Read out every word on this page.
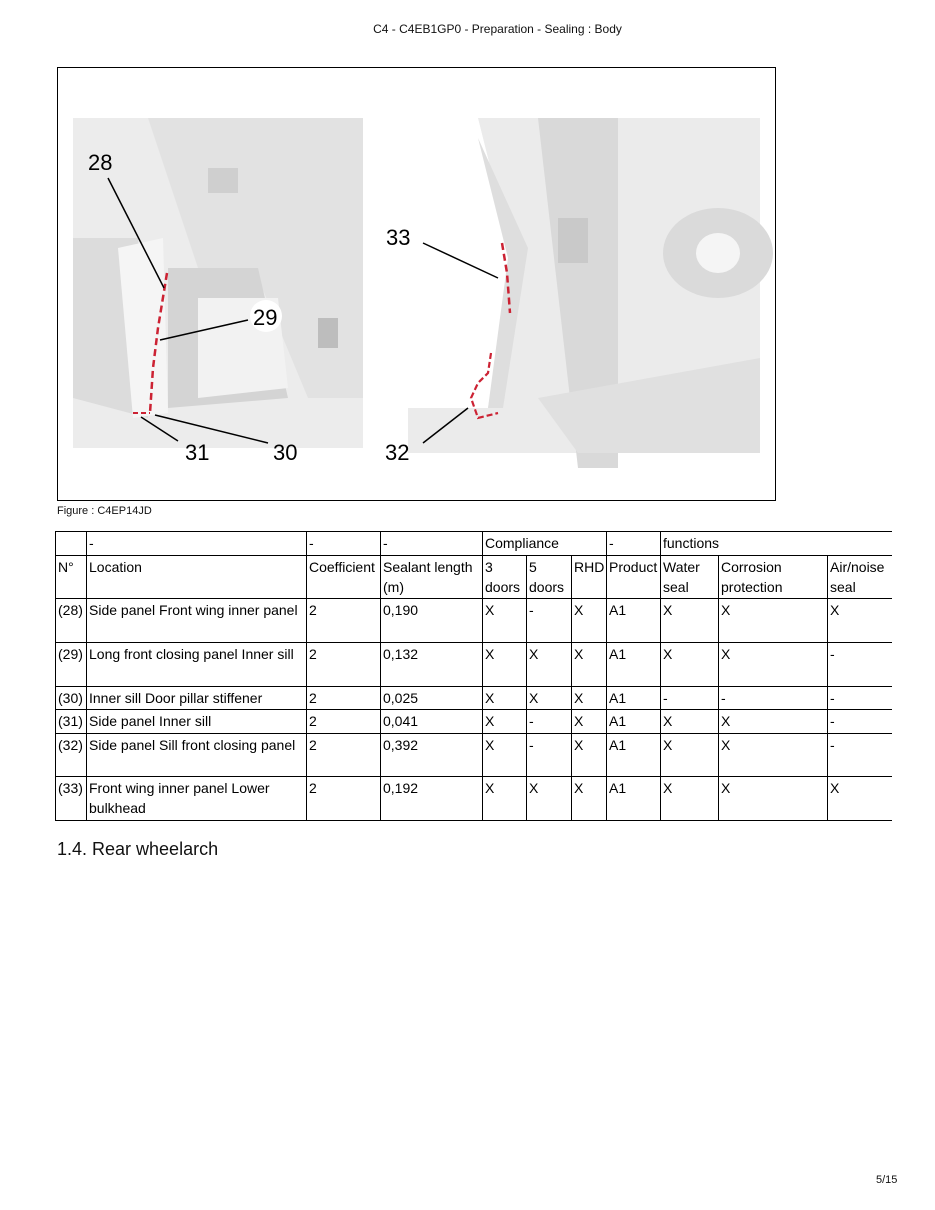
C4 - C4EB1GP0 - Preparation - Sealing : Body
28
29
30
31
33
32
Figure : C4EP14JD
	-	-	-	Compliance			-	functions		
N°	Location	Coefficient	Sealant length (m)	3 doors	5 doors	RHD	Product	Water seal	Corrosion protection	Air/noise seal
(28)	Side panel Front wing inner panel	2	0,190	X	-	X	A1	X	X	X
(29)	Long front closing panel Inner sill	2	0,132	X	X	X	A1	X	X	-
(30)	Inner sill Door pillar stiffener	2	0,025	X	X	X	A1	-	-	-
(31)	Side panel Inner sill	2	0,041	X	-	X	A1	X	X	-
(32)	Side panel Sill front closing panel	2	0,392	X	-	X	A1	X	X	-
(33)	Front wing inner panel Lower bulkhead	2	0,192	X	X	X	A1	X	X	X
1.4. Rear wheelarch
5/15
